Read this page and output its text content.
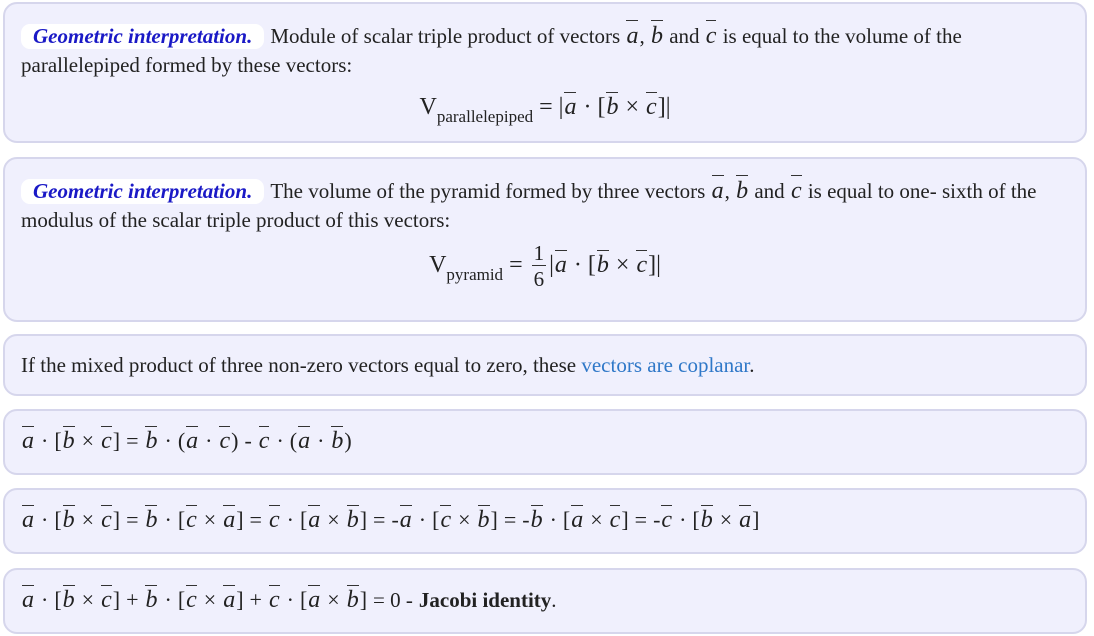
Geometric interpretation. Module of scalar triple product of vectors a, b and c is equal to the volume of the parallelepiped formed by these vectors:
$V_{parallelepiped} = |a \cdot [b \times c]|$
Geometric interpretation. The volume of the pyramid formed by three vectors a, b and c is equal to one- sixth of the modulus of the scalar triple product of this vectors:
$V_{pyramid} = \frac{1}{6} |a \cdot [b \times c]|$
If the mixed product of three non-zero vectors equal to zero, these vectors are coplanar.
a · [b × c] = b · (a · c) - c · (a · b)
a · [b × c] = b · [c × a] = c · [a × b] = -a · [c × b] = -b · [a × c] = -c · [b × a]
a · [b × c] + b · [c × a] + c · [a × b] = 0 - Jacobi identity.
